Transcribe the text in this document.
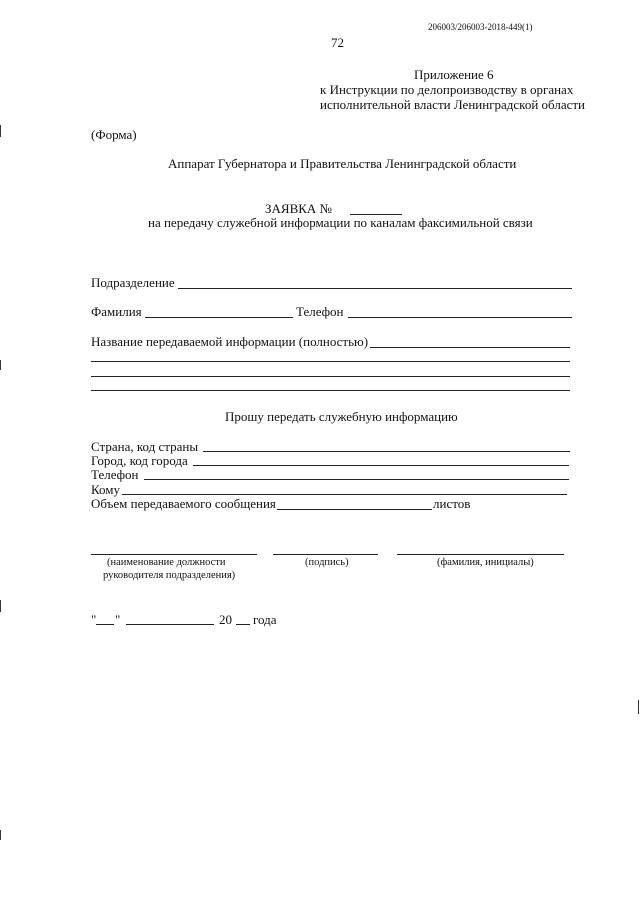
206003/206003-2018-449(1)
72
Приложение 6
к Инструкции по делопроизводству в органах
исполнительной власти Ленинградской области
(Форма)
Аппарат Губернатора и Правительства Ленинградской области
ЗАЯВКА №
на передачу служебной информации по каналам факсимильной связи
Подразделение
Фамилия	Телефон
Название передаваемой информации (полностью)
Прошу передать служебную информацию
Страна, код страны
Город, код города
Телефон
Кому
Объем передаваемого сообщения	листов
(наименование должности
руководителя подразделения)
(подпись)	(фамилия, инициалы)
" "	20 года
